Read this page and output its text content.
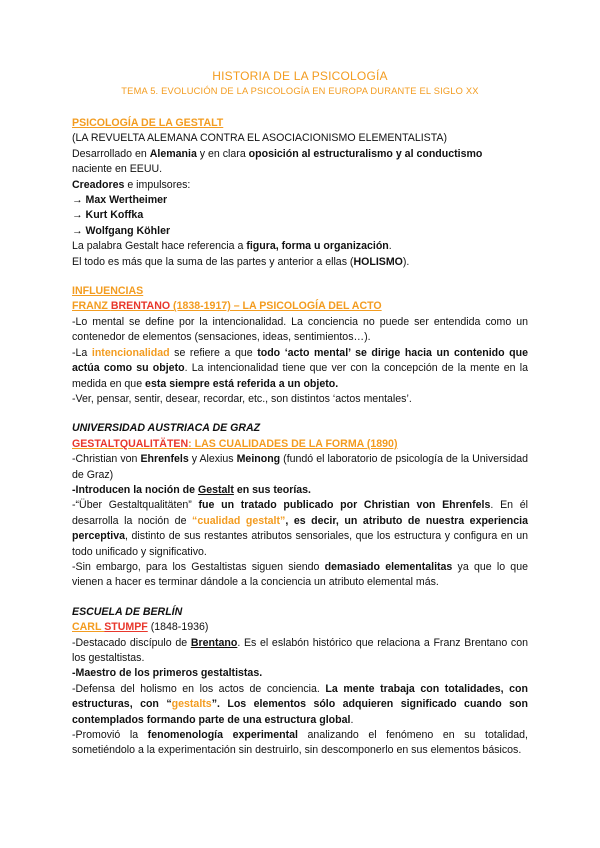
HISTORIA DE LA PSICOLOGÍA
TEMA 5. EVOLUCIÓN DE LA PSICOLOGÍA EN EUROPA DURANTE EL SIGLO XX

PSICOLOGÍA DE LA GESTALT

(LA REVUELTA ALEMANA CONTRA EL ASOCIACIONISMO ELEMENTALISTA)

Desarrollado en Alemania y en clara oposición al estructuralismo y al conductismo

naciente en EEUU.

Creadores e impulsores:

→ Max Wertheimer

→ Kurt Koffka

→ Wolfgang Köhler

La palabra Gestalt hace referencia a figura, forma u organización.

El todo es más que la suma de las partes y anterior a ellas (HOLISMO).

INFLUENCIAS

FRANZ BRENTANO (1838-1917) – LA PSICOLOGÍA DEL ACTO

-Lo mental se define por la intencionalidad. La conciencia no puede ser entendida como un contenedor de elementos (sensaciones, ideas, sentimientos…).

-La intencionalidad se refiere a que todo ‘acto mental’ se dirige hacia un contenido que actúa como su objeto. La intencionalidad tiene que ver con la concepción de la mente en la medida en que esta siempre está referida a un objeto.

-Ver, pensar, sentir, desear, recordar, etc., son distintos ‘actos mentales’.

UNIVERSIDAD AUSTRIACA DE GRAZ

GESTALTQUALITÄTEN: LAS CUALIDADES DE LA FORMA (1890)

-Christian von Ehrenfels y Alexius Meinong (fundó el laboratorio de psicología de la Universidad de Graz)

-Introducen la noción de Gestalt en sus teorías.

-“Über Gestaltqualitäten” fue un tratado publicado por Christian von Ehrenfels. En él desarrolla la noción de “cualidad gestalt”, es decir, un atributo de nuestra experiencia perceptiva, distinto de sus restantes atributos sensoriales, que los estructura y configura en un todo unificado y significativo.

-Sin embargo, para los Gestaltistas siguen siendo demasiado elementalitas ya que lo que vienen a hacer es terminar dándole a la conciencia un atributo elemental más.

ESCUELA DE BERLÍN

CARL STUMPF (1848-1936)

-Destacado discípulo de Brentano. Es el eslabón histórico que relaciona a Franz Brentano con los gestaltistas.

-Maestro de los primeros gestaltistas.

-Defensa del holismo en los actos de conciencia. La mente trabaja con totalidades, con estructuras, con “gestalts”. Los elementos sólo adquieren significado cuando son contemplados formando parte de una estructura global.

-Promovió la fenomenología experimental analizando el fenómeno en su totalidad, sometiéndolo a la experimentación sin destruirlo, sin descomponerlo en sus elementos básicos.
